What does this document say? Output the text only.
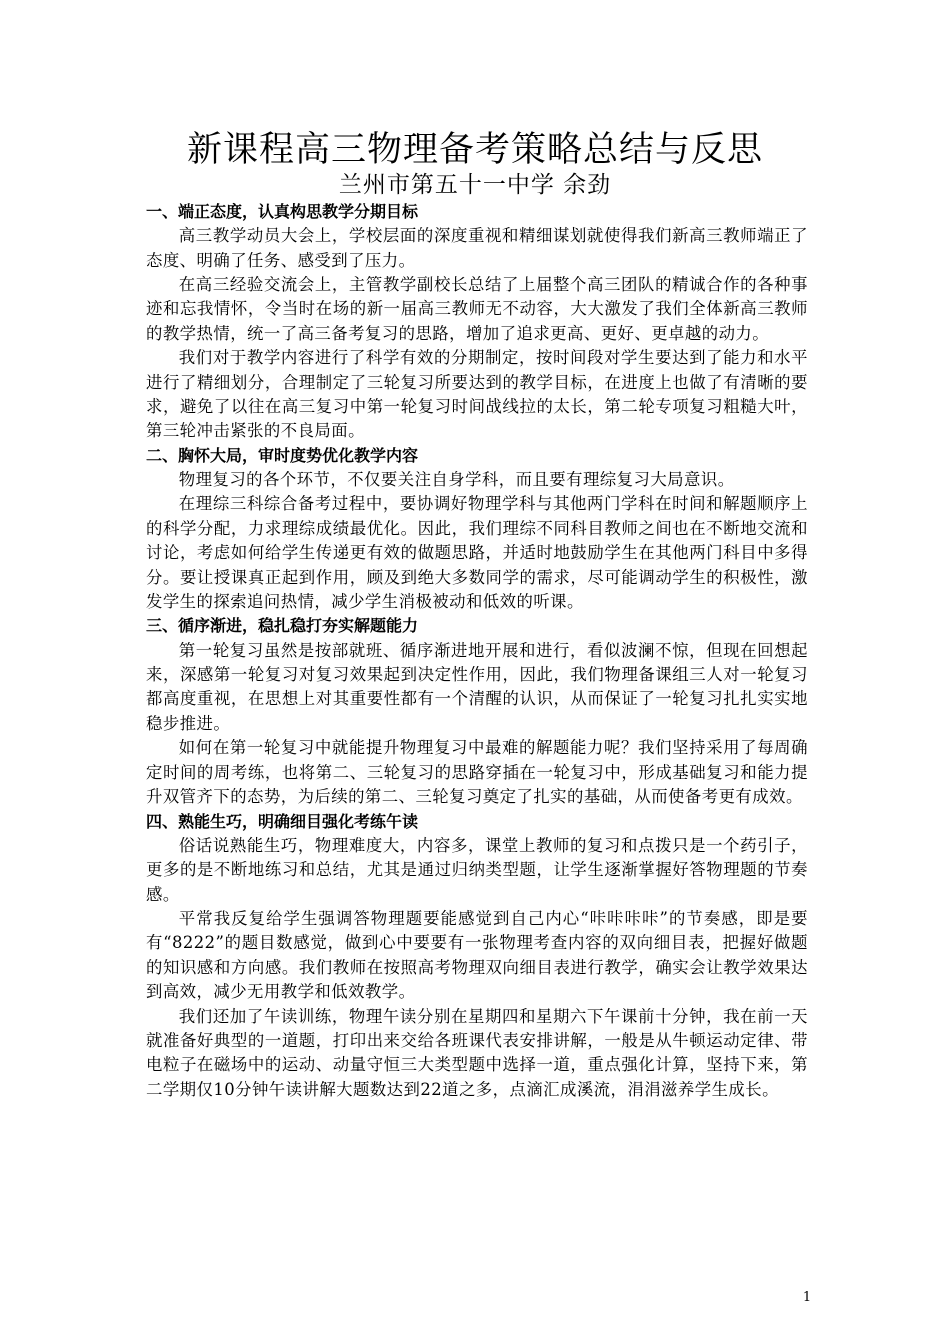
新课程高三物理备考策略总结与反思
兰州市第五十一中学 余劲
一、端正态度，认真构思教学分期目标

高三教学动员大会上，学校层面的深度重视和精细谋划就使得我们新高三教师端正了态度、明确了任务、感受到了压力。

在高三经验交流会上，主管教学副校长总结了上届整个高三团队的精诚合作的各种事迹和忘我情怀，令当时在场的新一届高三教师无不动容，大大激发了我们全体新高三教师的教学热情，统一了高三备考复习的思路，增加了追求更高、更好、更卓越的动力。

我们对于教学内容进行了科学有效的分期制定，按时间段对学生要达到了能力和水平进行了精细划分，合理制定了三轮复习所要达到的教学目标，在进度上也做了有清晰的要求，避免了以往在高三复习中第一轮复习时间战线拉的太长，第二轮专项复习粗糙大叶，第三轮冲击紧张的不良局面。

二、胸怀大局，审时度势优化教学内容

物理复习的各个环节，不仅要关注自身学科，而且要有理综复习大局意识。

在理综三科综合备考过程中，要协调好物理学科与其他两门学科在时间和解题顺序上的科学分配，力求理综成绩最优化。因此，我们理综不同科目教师之间也在不断地交流和讨论，考虑如何给学生传递更有效的做题思路，并适时地鼓励学生在其他两门科目中多得分。要让授课真正起到作用，顾及到绝大多数同学的需求，尽可能调动学生的积极性，激发学生的探索追问热情，减少学生消极被动和低效的听课。

三、循序渐进，稳扎稳打夯实解题能力

第一轮复习虽然是按部就班、循序渐进地开展和进行，看似波澜不惊，但现在回想起来，深感第一轮复习对复习效果起到决定性作用，因此，我们物理备课组三人对一轮复习都高度重视，在思想上对其重要性都有一个清醒的认识，从而保证了一轮复习扎扎实实地稳步推进。

如何在第一轮复习中就能提升物理复习中最难的解题能力呢？我们坚持采用了每周确定时间的周考练，也将第二、三轮复习的思路穿插在一轮复习中，形成基础复习和能力提升双管齐下的态势，为后续的第二、三轮复习奠定了扎实的基础，从而使备考更有成效。

四、熟能生巧，明确细目强化考练午读

俗话说熟能生巧，物理难度大，内容多，课堂上教师的复习和点拨只是一个药引子，更多的是不断地练习和总结，尤其是通过归纳类型题，让学生逐渐掌握好答物理题的节奏感。

平常我反复给学生强调答物理题要能感觉到自己内心“咔咔咔咔”的节奏感，即是要有“8222”的题目数感觉，做到心中要要有一张物理考查内容的双向细目表，把握好做题的知识感和方向感。我们教师在按照高考物理双向细目表进行教学，确实会让教学效果达到高效，减少无用教学和低效教学。

我们还加了午读训练，物理午读分别在星期四和星期六下午课前十分钟，我在前一天就准备好典型的一道题，打印出来交给各班课代表安排讲解，一般是从牛顿运动定律、带电粒子在磁场中的运动、动量守恒三大类型题中选择一道，重点强化计算，坚持下来，第二学期仅10分钟午读讲解大题数达到22道之多，点滴汇成溪流，涓涓滋养学生成长。

1
